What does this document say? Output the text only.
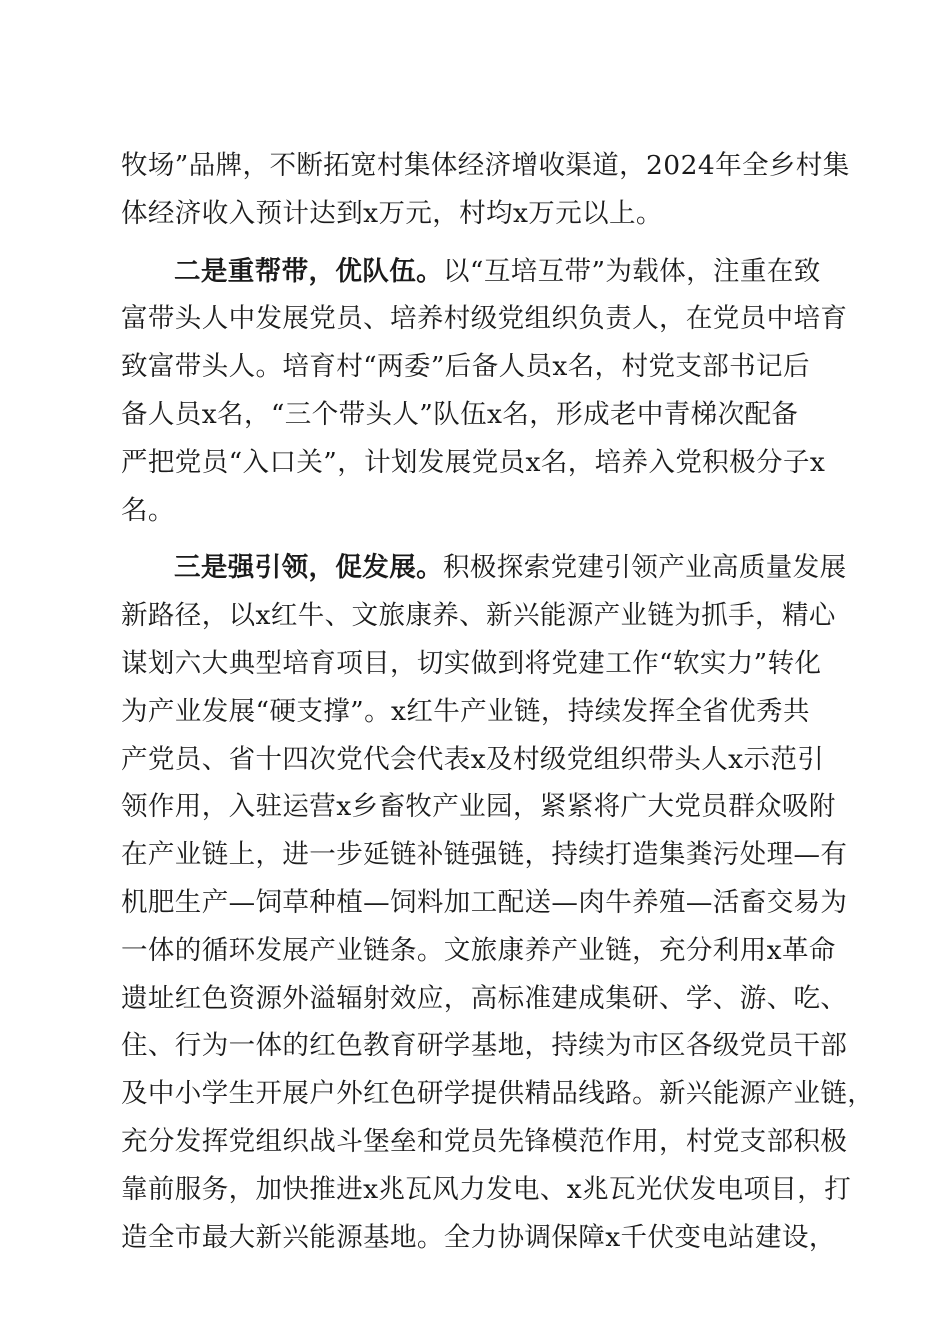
牧场”品牌，不断拓宽村集体经济增收渠道，2024年全乡村集
体经济收入预计达到x万元，村均x万元以上。
二是重帮带，优队伍。以“互培互带”为载体，注重在致
富带头人中发展党员、培养村级党组织负责人，在党员中培育
致富带头人。培育村“两委”后备人员x名，村党支部书记后
备人员x名，“三个带头人”队伍x名，形成老中青梯次配备
严把党员“入口关”，计划发展党员x名，培养入党积极分子x
名。
三是强引领，促发展。积极探索党建引领产业高质量发展
新路径，以x红牛、文旅康养、新兴能源产业链为抓手，精心
谋划六大典型培育项目，切实做到将党建工作“软实力”转化
为产业发展“硬支撑”。x红牛产业链，持续发挥全省优秀共
产党员、省十四次党代会代表x及村级党组织带头人x示范引
领作用，入驻运营x乡畜牧产业园，紧紧将广大党员群众吸附
在产业链上，进一步延链补链强链，持续打造集粪污处理—有
机肥生产—饲草种植—饲料加工配送—肉牛养殖—活畜交易为
一体的循环发展产业链条。文旅康养产业链，充分利用x革命
遗址红色资源外溢辐射效应，高标准建成集研、学、游、吃、
住、行为一体的红色教育研学基地，持续为市区各级党员干部
及中小学生开展户外红色研学提供精品线路。新兴能源产业链，
充分发挥党组织战斗堡垒和党员先锋模范作用，村党支部积极
靠前服务，加快推进x兆瓦风力发电、x兆瓦光伏发电项目，打
造全市最大新兴能源基地。全力协调保障x千伏变电站建设，
